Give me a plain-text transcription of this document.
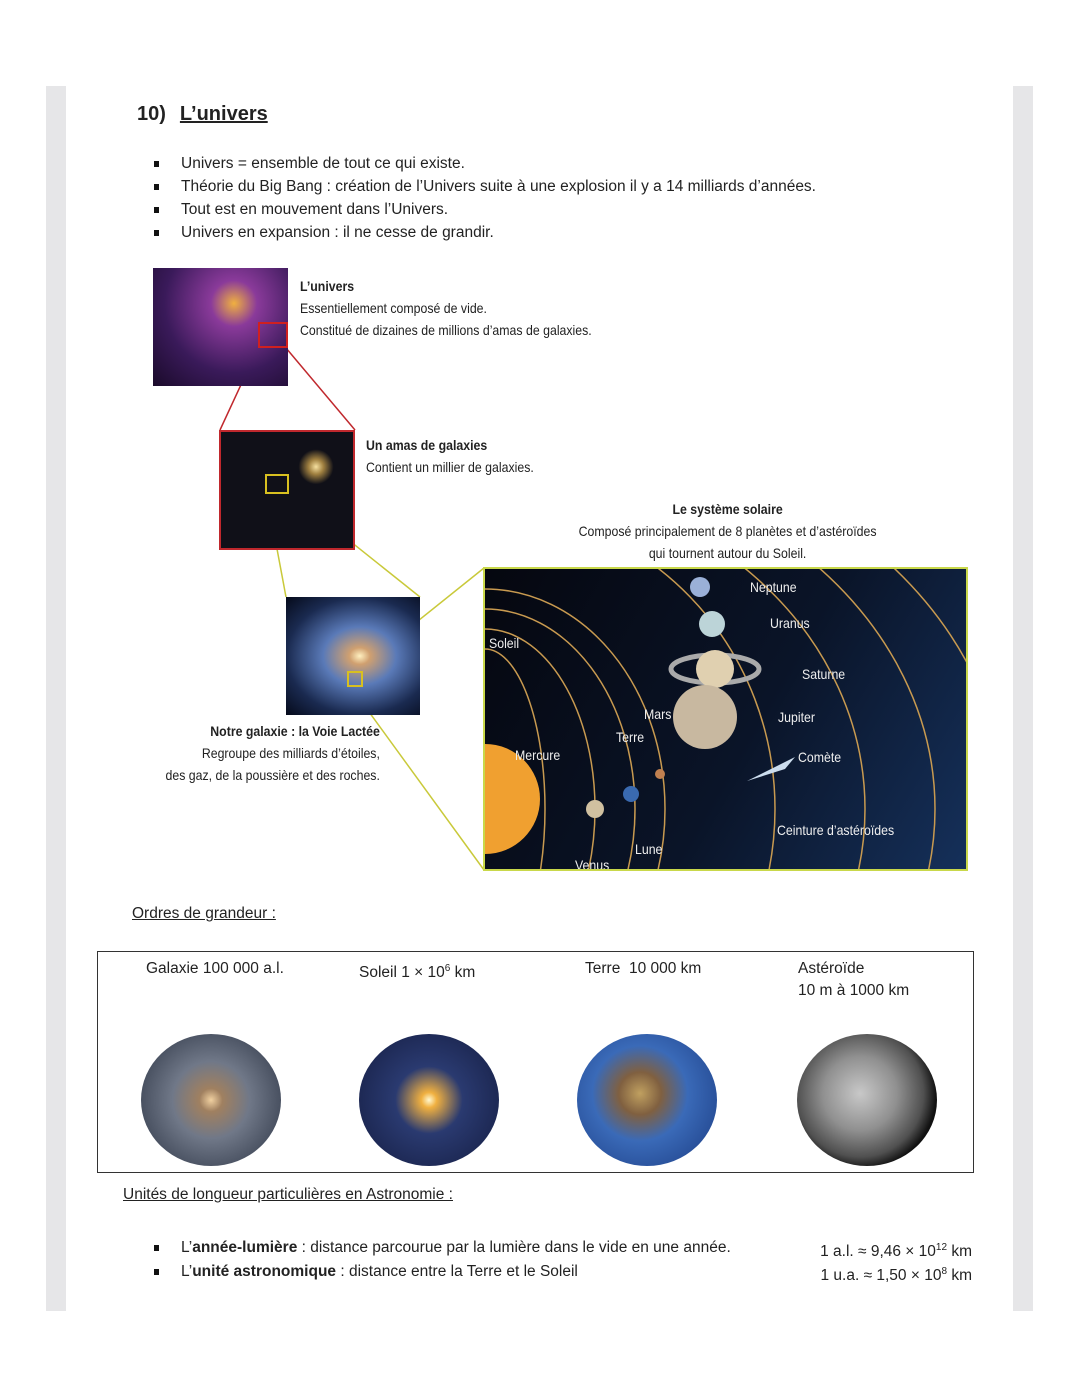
10) L’univers
Univers = ensemble de tout ce qui existe.
Théorie du Big Bang : création de l’Univers suite à une explosion il y a 14 milliards d’années.
Tout est en mouvement dans l’Univers.
Univers en expansion : il ne cesse de grandir.
L’univers
Essentiellement composé de vide.
Constitué de dizaines de millions d’amas de galaxies.
Un amas de galaxies
Contient un millier de galaxies.
Notre galaxie : la Voie Lactée
Regroupe des milliards d’étoiles,
des gaz, de la poussière et des roches.
Le système solaire
Composé principalement de 8 planètes et d’astéroïdes
qui tournent autour du Soleil.
Soleil
Mercure
Venus
Terre
Lune
Mars	Jupiter
Saturne
Uranus
Neptune
Comète
Ceinture d’astéroïdes
Ordres de grandeur :
Galaxie 100 000 a.l.	Soleil $1 \times 10^6$ km	Terre 10 000 km	Astéroïde
10 m à 1000 km
Unités de longueur particulières en Astronomie :
L’année-lumière : distance parcourue par la lumière dans le vide en une année.	1 a.l. ≈ $9,46 \times 10^{12}$ km
L’unité astronomique : distance entre la Terre et le Soleil	1 u.a. ≈ $1,50 \times 10^8$ km
